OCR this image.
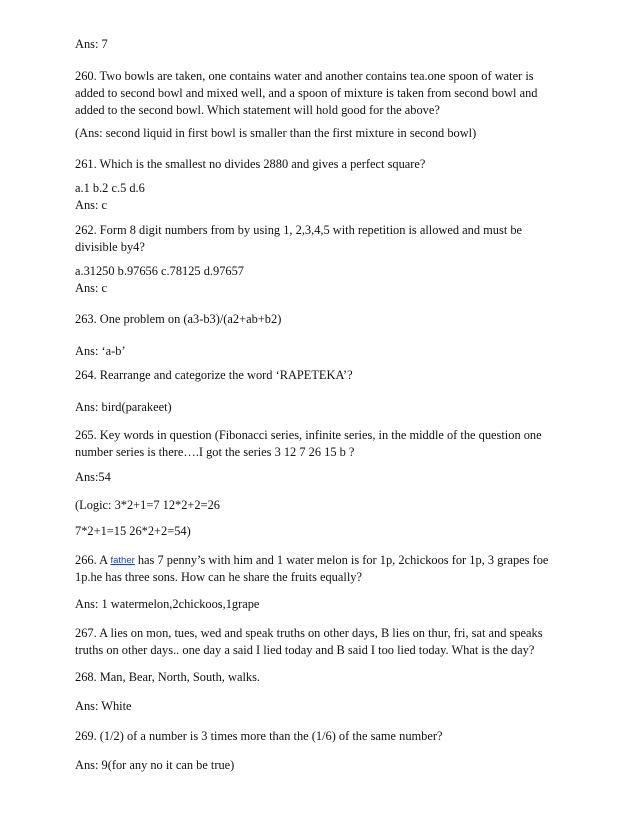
Ans: 7
260. Two bowls are taken, one contains water and another contains tea.one spoon of water is
added to second bowl and mixed well, and a spoon of mixture is taken from second bowl and
added to the second bowl. Which statement will hold good for the above?
(Ans: second liquid in first bowl is smaller than the first mixture in second bowl)
261. Which is the smallest no divides 2880 and gives a perfect square?
a.1 b.2 c.5 d.6
Ans: c
262. Form 8 digit numbers from by using 1, 2,3,4,5 with repetition is allowed and must be
divisible by4?
a.31250 b.97656 c.78125 d.97657
Ans: c
263. One problem on (a3-b3)/(a2+ab+b2)
Ans: ‘a-b’
264. Rearrange and categorize the word ‘RAPETEKA’?
Ans: bird(parakeet)
265. Key words in question (Fibonacci series, infinite series, in the middle of the question one
number series is there….I got the series 3 12 7 26 15 b ?
Ans:54
(Logic: 3*2+1=7 12*2+2=26
7*2+1=15 26*2+2=54)
266. A father has 7 penny’s with him and 1 water melon is for 1p, 2chickoos for 1p, 3 grapes foe
1p.he has three sons. How can he share the fruits equally?
Ans: 1 watermelon,2chickoos,1grape
267. A lies on mon, tues, wed and speak truths on other days, B lies on thur, fri, sat and speaks
truths on other days.. one day a said I lied today and B said I too lied today. What is the day?
268. Man, Bear, North, South, walks.
Ans: White
269. (1/2) of a number is 3 times more than the (1/6) of the same number?
Ans: 9(for any no it can be true)
